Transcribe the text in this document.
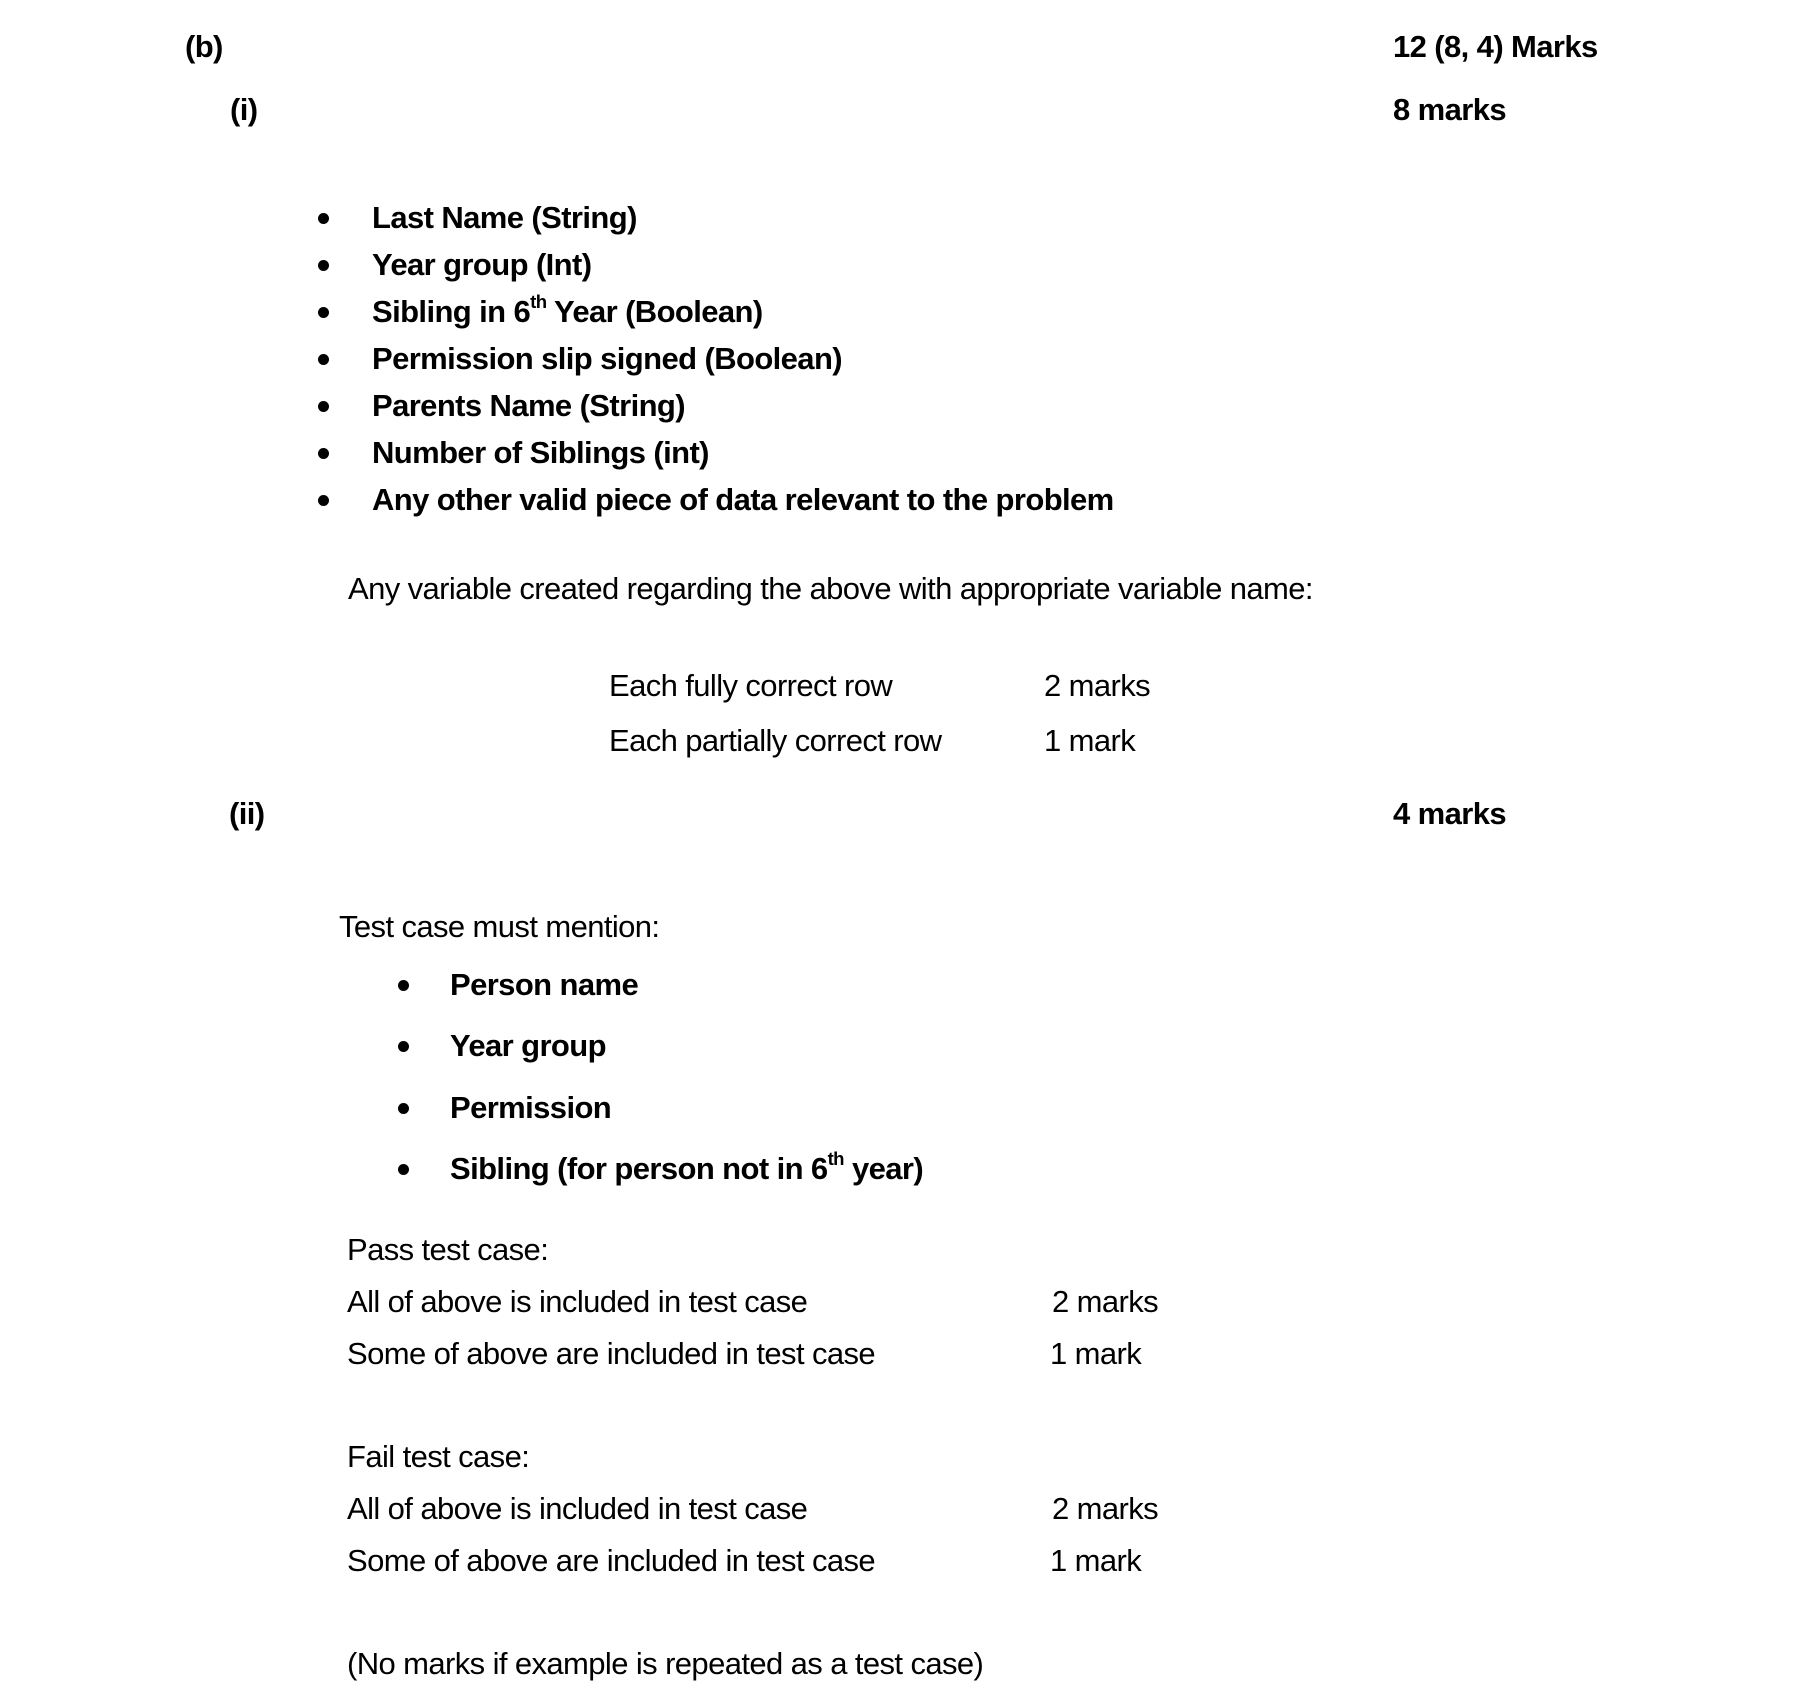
(b)	12 (8, 4) Marks
(i)	8 marks
Last Name (String)
Year group (Int)
Sibling in 6th Year (Boolean)
Permission slip signed (Boolean)
Parents Name (String)
Number of Siblings (int)
Any other valid piece of data relevant to the problem
Any variable created regarding the above with appropriate variable name:
Each fully correct row	2 marks
Each partially correct row	1 mark
(ii)	4 marks
Test case must mention:
Person name
Year group
Permission
Sibling (for person not in 6th year)
Pass test case:
All of above is included in test case	2 marks
Some of above are included in test case	1 mark
Fail test case:
All of above is included in test case	2 marks
Some of above are included in test case	1 mark
(No marks if example is repeated as a test case)
